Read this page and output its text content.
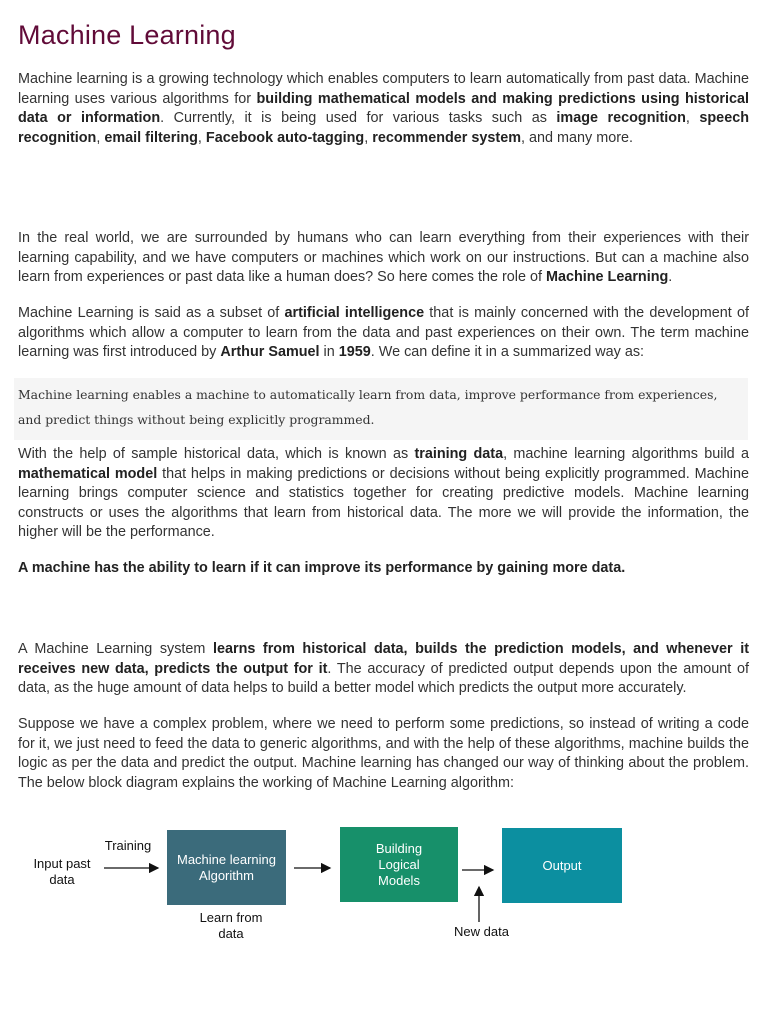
Machine Learning

Machine learning is a growing technology which enables computers to learn automatically from past data. Machine learning uses various algorithms for building mathematical models and making predictions using historical data or information. Currently, it is being used for various tasks such as image recognition, speech recognition, email filtering, Facebook auto-tagging, recommender system, and many more.

In the real world, we are surrounded by humans who can learn everything from their experiences with their learning capability, and we have computers or machines which work on our instructions. But can a machine also learn from experiences or past data like a human does? So here comes the role of Machine Learning.

Machine Learning is said as a subset of artificial intelligence that is mainly concerned with the development of algorithms which allow a computer to learn from the data and past experiences on their own. The term machine learning was first introduced by Arthur Samuel in 1959. We can define it in a summarized way as:

Machine learning enables a machine to automatically learn from data, improve performance from experiences, and predict things without being explicitly programmed.

With the help of sample historical data, which is known as training data, machine learning algorithms build a mathematical model that helps in making predictions or decisions without being explicitly programmed. Machine learning brings computer science and statistics together for creating predictive models. Machine learning constructs or uses the algorithms that learn from historical data. The more we will provide the information, the higher will be the performance.

A machine has the ability to learn if it can improve its performance by gaining more data.

A Machine Learning system learns from historical data, builds the prediction models, and whenever it receives new data, predicts the output for it. The accuracy of predicted output depends upon the amount of data, as the huge amount of data helps to build a better model which predicts the output more accurately.

Suppose we have a complex problem, where we need to perform some predictions, so instead of writing a code for it, we just need to feed the data to generic algorithms, and with the help of these algorithms, machine builds the logic as per the data and predict the output. Machine learning has changed our way of thinking about the problem. The below block diagram explains the working of Machine Learning algorithm:

Input past
data
Training
Machine learning
Algorithm
Learn from
data
Building
Logical
Models
Output
New data
